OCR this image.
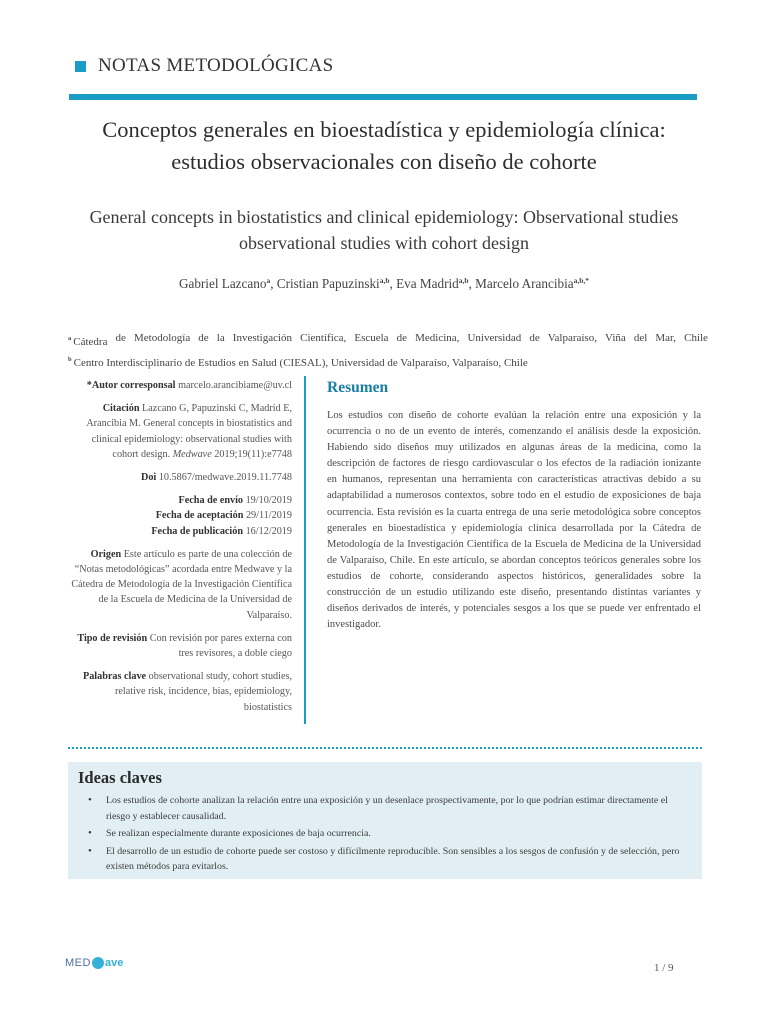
NOTAS METODOLÓGICAS
Conceptos generales en bioestadística y epidemiología clínica:
estudios observacionales con diseño de cohorte
General concepts in biostatistics and clinical epidemiology: Observational studies
observational studies with cohort design
Gabriel Lazcano$^a$, Cristian Papuzinski$^{a,b}$, Eva Madrid$^{a,b}$, Marcelo Arancibia$^{a,b,*}$
$^a$ Cátedra de Metodología de la Investigación Científica, Escuela de Medicina, Universidad de Valparaíso, Viña del Mar, Chile
$^b$ Centro Interdisciplinario de Estudios en Salud (CIESAL), Universidad de Valparaíso, Valparaíso, Chile
*Autor corresponsal marcelo.arancibiame@uv.cl
Citación Lazcano G, Papuzinski C, Madrid E, Arancibia M. General concepts in biostatistics and clinical epidemiology: observational studies with cohort design. Medwave 2019;19(11):e7748
Doi 10.5867/medwave.2019.11.7748
Fecha de envío 19/10/2019
Fecha de aceptación 29/11/2019
Fecha de publicación 16/12/2019
Origen Este artículo es parte de una colección de “Notas metodológicas” acordada entre Medwave y la Cátedra de Metodología de la Investigación Científica de la Escuela de Medicina de la Universidad de Valparaíso.
Tipo de revisión Con revisión por pares externa con tres revisores, a doble ciego
Palabras clave observational study, cohort studies, relative risk, incidence, bias, epidemiology, biostatistics
Resumen
Los estudios con diseño de cohorte evalúan la relación entre una exposición y la ocurrencia o no de un evento de interés, comenzando el análisis desde la exposición. Habiendo sido diseños muy utilizados en algunas áreas de la medicina, como la descripción de factores de riesgo cardiovascular o los efectos de la radiación ionizante en humanos, representan una herramienta con características atractivas debido a su adaptabilidad a numerosos contextos, sobre todo en el estudio de exposiciones de baja ocurrencia. Esta revisión es la cuarta entrega de una serie metodológica sobre conceptos generales en bioestadística y epidemiología clínica desarrollada por la Cátedra de Metodología de la Investigación Científica de la Escuela de Medicina de la Universidad de Valparaíso, Chile. En este artículo, se abordan conceptos teóricos generales sobre los estudios de cohorte, considerando aspectos históricos, generalidades sobre la construcción de un estudio utilizando este diseño, presentando distintas variantes y diseños derivados de interés, y potenciales sesgos a los que se puede ver enfrentado el investigador.
Ideas claves
• Los estudios de cohorte analizan la relación entre una exposición y un desenlace prospectivamente, por lo que podrían estimar directamente el riesgo y establecer causalidad.
• Se realizan especialmente durante exposiciones de baja ocurrencia.
• El desarrollo de un estudio de cohorte puede ser costoso y difícilmente reproducible. Son sensibles a los sesgos de confusión y de selección, pero existen métodos para evitarlos.
MED ave	1 / 9
